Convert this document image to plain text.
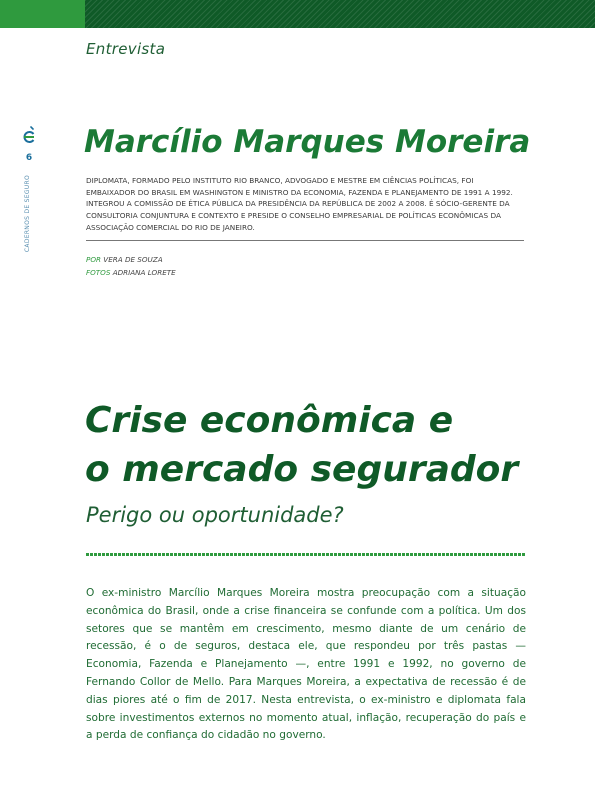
Entrevista
6
CADERNOS DE SEGURO
Marcílio Marques Moreira

DIPLOMATA, FORMADO PELO INSTITUTO RIO BRANCO, ADVOGADO E MESTRE EM CIÊNCIAS POLÍTICAS, FOI
EMBAIXADOR DO BRASIL EM WASHINGTON E MINISTRO DA ECONOMIA, FAZENDA E PLANEJAMENTO DE 1991 A 1992.
INTEGROU A COMISSÃO DE ÉTICA PÚBLICA DA PRESIDÊNCIA DA REPÚBLICA DE 2002 A 2008. É SÓCIO-GERENTE DA
CONSULTORIA CONJUNTURA E CONTEXTO E PRESIDE O CONSELHO EMPRESARIAL DE POLÍTICAS ECONÔMICAS DA
ASSOCIAÇÃO COMERCIAL DO RIO DE JANEIRO.

POR VERA DE SOUZA
FOTOS ADRIANA LORETE
Crise econômica e
o mercado segurador
Perigo ou oportunidade?

O ex-ministro Marcílio Marques Moreira mostra preocupação com a situação econômica do Brasil, onde a crise financeira se confunde com a política. Um dos setores que se mantêm em crescimento, mesmo diante de um cenário de recessão, é o de seguros, destaca ele, que respondeu por três pastas — Economia, Fazenda e Planejamento —, entre 1991 e 1992, no governo de Fernando Collor de Mello. Para Marques Moreira, a expectativa de recessão é de dias piores até o fim de 2017. Nesta entrevista, o ex-ministro e diplomata fala sobre investimentos externos no momento atual, inflação, recuperação do país e a perda de confiança do cidadão no governo.
